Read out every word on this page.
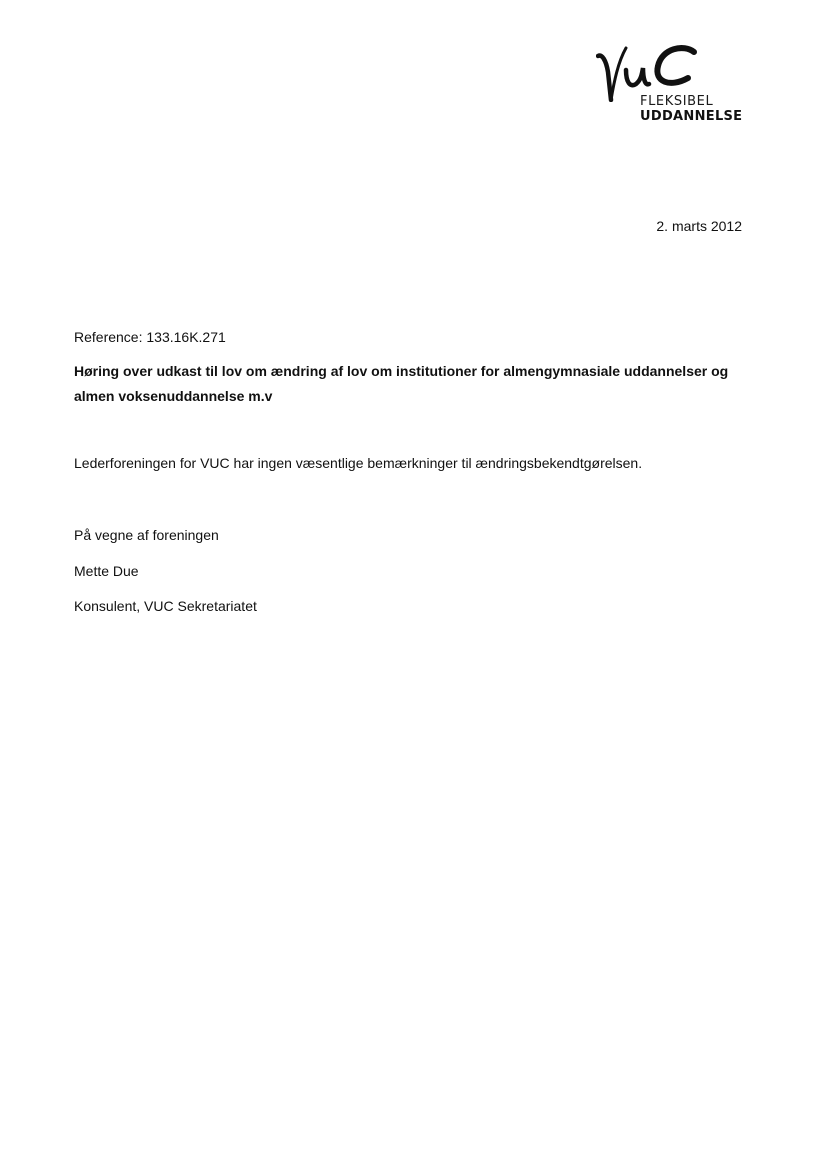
FLEKSIBEL
UDDANNELSE
2. marts 2012
Reference: 133.16K.271
Høring over udkast til lov om ændring af lov om institutioner for almengymnasiale uddannelser og almen voksenuddannelse m.v
Lederforeningen for VUC har ingen væsentlige bemærkninger til ændringsbekendtgørelsen.
På vegne af foreningen
Mette Due
Konsulent, VUC Sekretariatet
